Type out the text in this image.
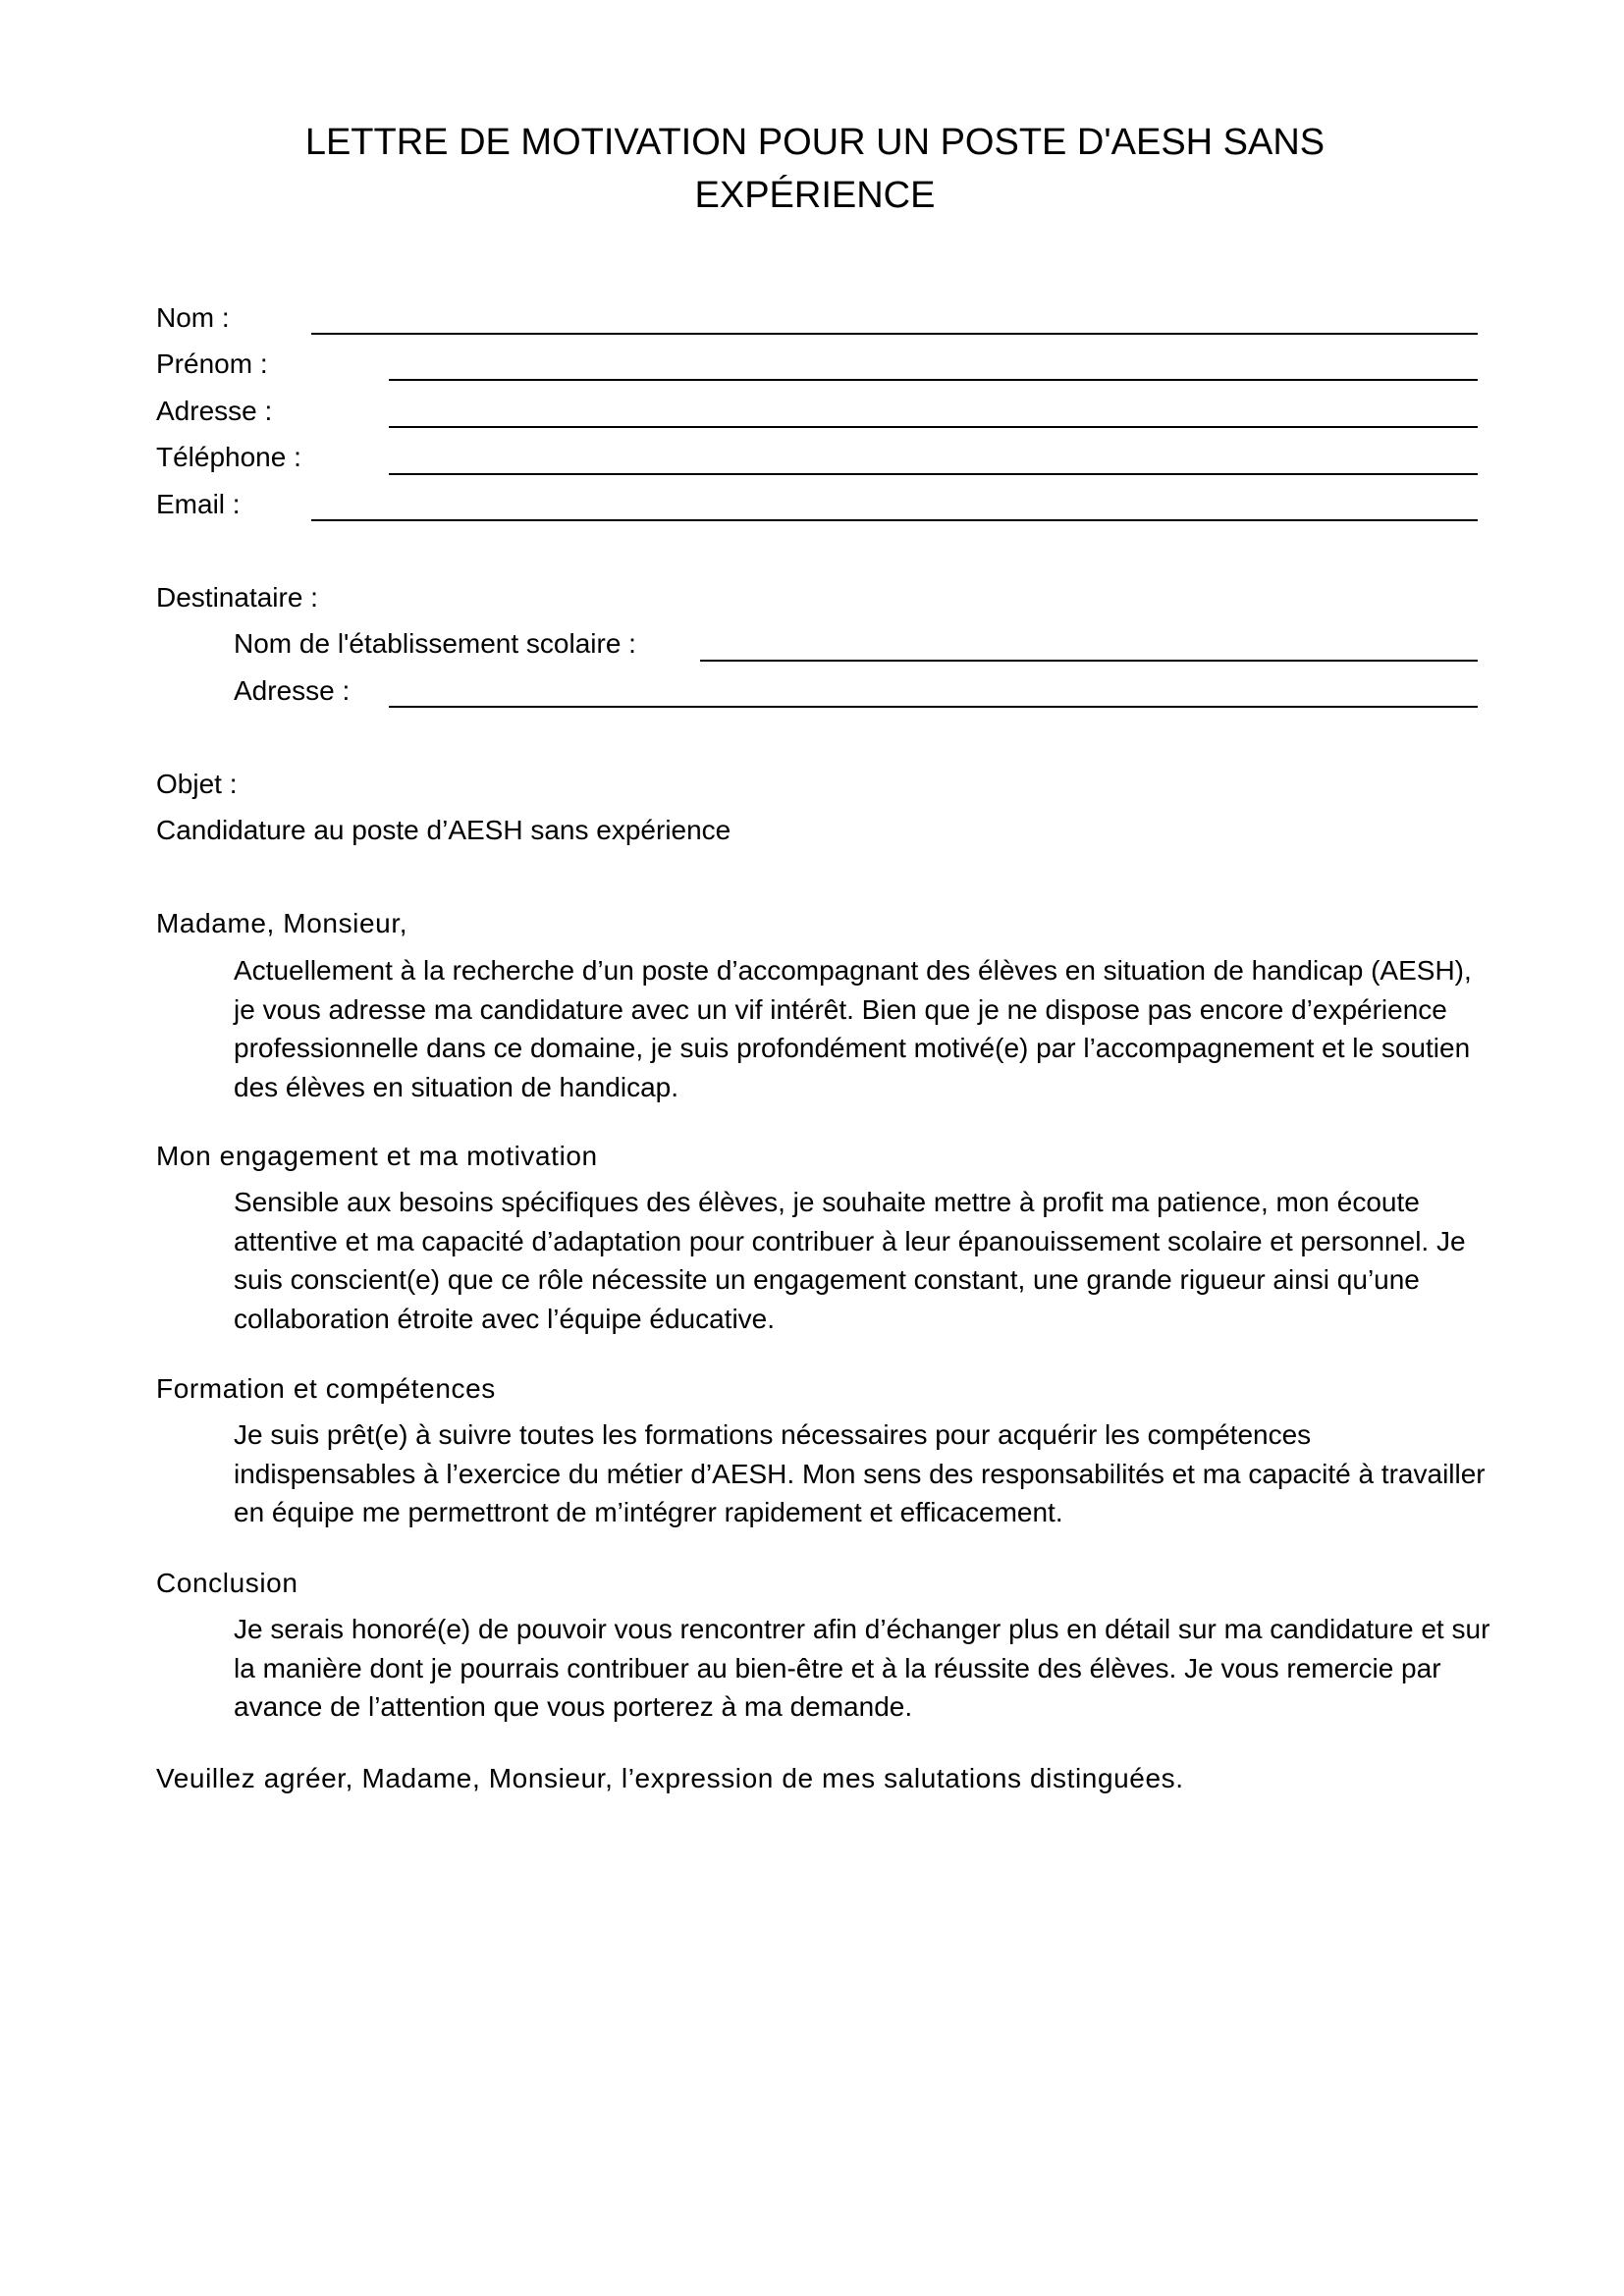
LETTRE DE MOTIVATION POUR UN POSTE D'AESH SANS
EXPÉRIENCE
Nom :
Prénom :
Adresse :
Téléphone :
Email :
Destinataire :
Nom de l'établissement scolaire :
Adresse :
Objet :
Candidature au poste d’AESH sans expérience
Madame, Monsieur,
Actuellement à la recherche d’un poste d’accompagnant des élèves en situation de handicap (AESH), je vous adresse ma candidature avec un vif intérêt. Bien que je ne dispose pas encore d’expérience professionnelle dans ce domaine, je suis profondément motivé(e) par l’accompagnement et le soutien des élèves en situation de handicap.
Mon engagement et ma motivation
Sensible aux besoins spécifiques des élèves, je souhaite mettre à profit ma patience, mon écoute attentive et ma capacité d’adaptation pour contribuer à leur épanouissement scolaire et personnel. Je suis conscient(e) que ce rôle nécessite un engagement constant, une grande rigueur ainsi qu’une collaboration étroite avec l’équipe éducative.
Formation et compétences
Je suis prêt(e) à suivre toutes les formations nécessaires pour acquérir les compétences indispensables à l’exercice du métier d’AESH. Mon sens des responsabilités et ma capacité à travailler en équipe me permettront de m’intégrer rapidement et efficacement.
Conclusion
Je serais honoré(e) de pouvoir vous rencontrer afin d’échanger plus en détail sur ma candidature et sur la manière dont je pourrais contribuer au bien-être et à la réussite des élèves. Je vous remercie par avance de l’attention que vous porterez à ma demande.
Veuillez agréer, Madame, Monsieur, l’expression de mes salutations distinguées.
